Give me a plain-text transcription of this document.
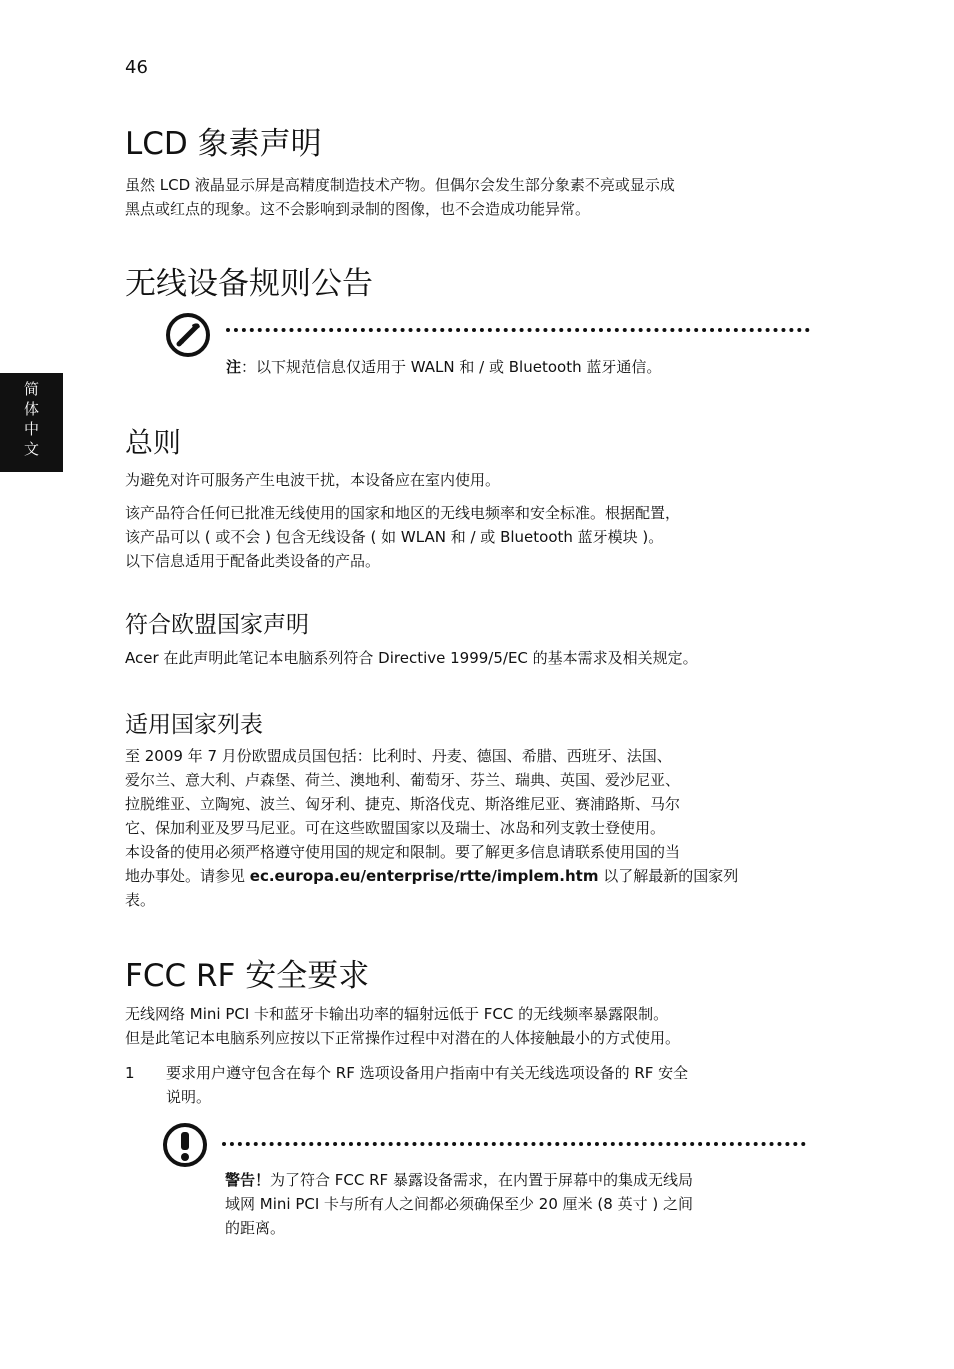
46
简
体
中
文
LCD 象素声明

虽然 LCD 液晶显示屏是高精度制造技术产物。但偶尔会发生部分象素不亮或显示成

黑点或红点的现象。这不会影响到录制的图像，也不会造成功能异常。

无线设备规则公告

注：以下规范信息仅适用于 WALN 和 / 或 Bluetooth 蓝牙通信。

总则

为避免对许可服务产生电波干扰，本设备应在室内使用。

该产品符合任何已批准无线使用的国家和地区的无线电频率和安全标准。根据配置，

该产品可以 ( 或不会 ) 包含无线设备 ( 如 WLAN 和 / 或 Bluetooth 蓝牙模块 )。

以下信息适用于配备此类设备的产品。

符合欧盟国家声明

Acer 在此声明此笔记本电脑系列符合 Directive 1999/5/EC 的基本需求及相关规定。

适用国家列表

至 2009 年 7 月份欧盟成员国包括：比利时、丹麦、德国、希腊、西班牙、法国、

爱尔兰、意大利、卢森堡、荷兰、澳地利、葡萄牙、芬兰、瑞典、英国、爱沙尼亚、

拉脱维亚、立陶宛、波兰、匈牙利、捷克、斯洛伐克、斯洛维尼亚、赛浦路斯、马尔

它、保加利亚及罗马尼亚。可在这些欧盟国家以及瑞士、冰岛和列支敦士登使用。

本设备的使用必须严格遵守使用国的规定和限制。要了解更多信息请联系使用国的当

地办事处。请参见 ec.europa.eu/enterprise/rtte/implem.htm 以了解最新的国家列

表。

FCC RF 安全要求

无线网络 Mini PCI 卡和蓝牙卡输出功率的辐射远低于 FCC 的无线频率暴露限制。

但是此笔记本电脑系列应按以下正常操作过程中对潜在的人体接触最小的方式使用。

1 要求用户遵守包含在每个 RF 选项设备用户指南中有关无线选项设备的 RF 安全

说明。

警告！为了符合 FCC RF 暴露设备需求，在内置于屏幕中的集成无线局

域网 Mini PCI 卡与所有人之间都必须确保至少 20 厘米 (8 英寸 ) 之间

的距离。
